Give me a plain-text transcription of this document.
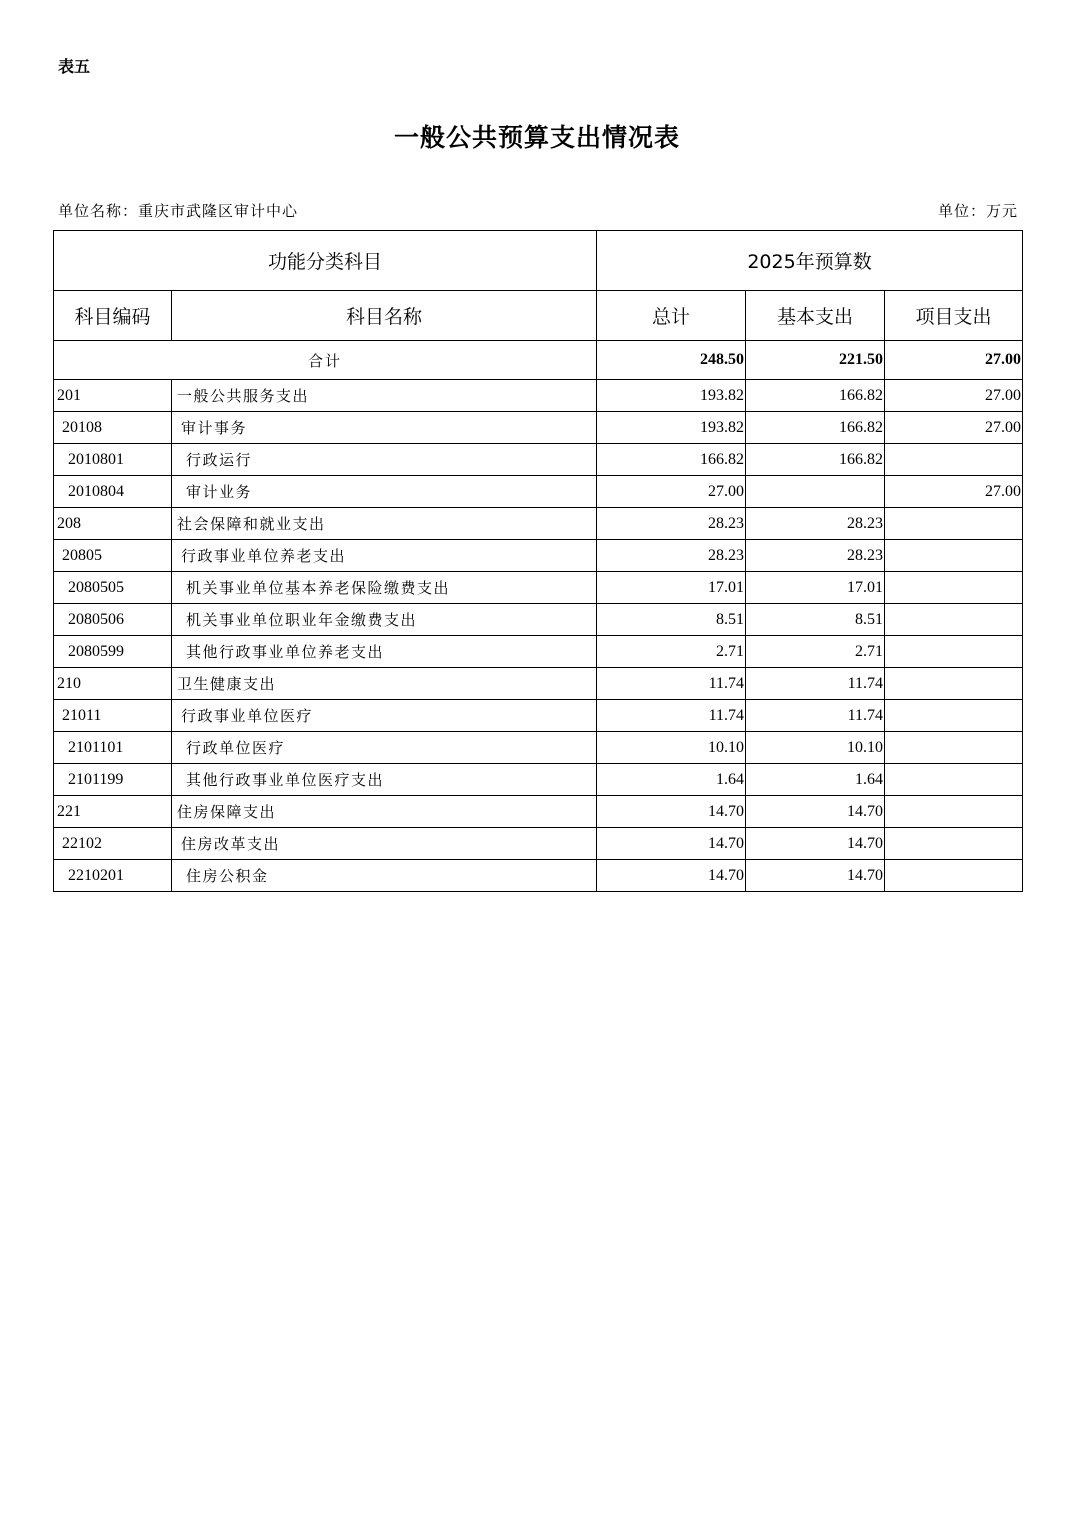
表五
一般公共预算支出情况表
单位名称：重庆市武隆区审计中心	单位：万元
功能分类科目		2025年预算数		
科目编码	科目名称	总计	基本支出	项目支出
合计		248.50	221.50	27.00
201	一般公共服务支出	193.82	166.82	27.00
20108	审计事务	193.82	166.82	27.00
2010801	行政运行	166.82	166.82	
2010804	审计业务	27.00		27.00
208	社会保障和就业支出	28.23	28.23	
20805	行政事业单位养老支出	28.23	28.23	
2080505	机关事业单位基本养老保险缴费支出	17.01	17.01	
2080506	机关事业单位职业年金缴费支出	8.51	8.51	
2080599	其他行政事业单位养老支出	2.71	2.71	
210	卫生健康支出	11.74	11.74	
21011	行政事业单位医疗	11.74	11.74	
2101101	行政单位医疗	10.10	10.10	
2101199	其他行政事业单位医疗支出	1.64	1.64	
221	住房保障支出	14.70	14.70	
22102	住房改革支出	14.70	14.70	
2210201	住房公积金	14.70	14.70	
